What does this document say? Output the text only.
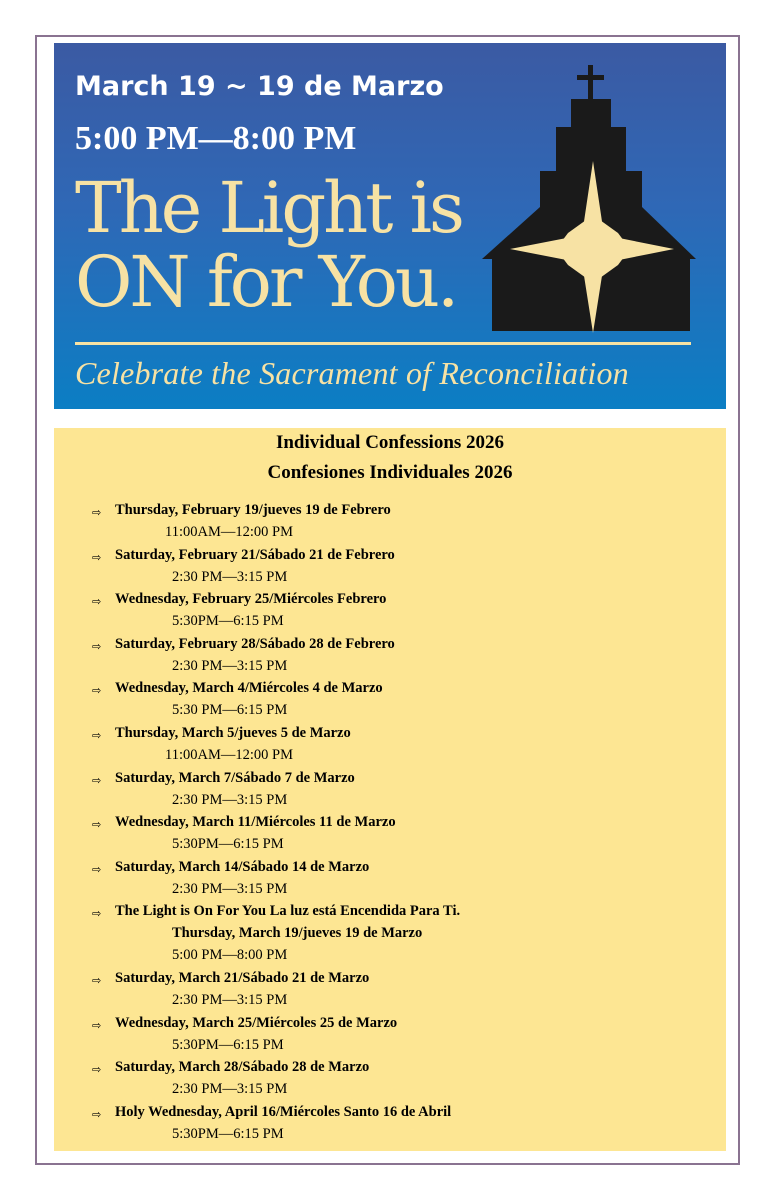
March 19 ~ 19 de Marzo
5:00 PM—8:00 PM
The Light is
ON for You.
Celebrate the Sacrament of Reconciliation
Individual Confessions 2026
Confesiones Individuales 2026
⇨ Thursday, February 19/jueves 19 de Febrero
11:00AM—12:00 PM
⇨ Saturday, February 21/Sábado 21 de Febrero
2:30 PM—3:15 PM
⇨ Wednesday, February 25/Miércoles Febrero
5:30PM—6:15 PM
⇨ Saturday, February 28/Sábado 28 de Febrero
2:30 PM—3:15 PM
⇨ Wednesday, March 4/Miércoles 4 de Marzo
5:30 PM—6:15 PM
⇨ Thursday, March 5/jueves 5 de Marzo
11:00AM—12:00 PM
⇨ Saturday, March 7/Sábado 7 de Marzo
2:30 PM—3:15 PM
⇨ Wednesday, March 11/Miércoles 11 de Marzo
5:30PM—6:15 PM
⇨ Saturday, March 14/Sábado 14 de Marzo
2:30 PM—3:15 PM
⇨ The Light is On For You La luz está Encendida Para Ti.
Thursday, March 19/jueves 19 de Marzo
5:00 PM—8:00 PM
⇨ Saturday, March 21/Sábado 21 de Marzo
2:30 PM—3:15 PM
⇨ Wednesday, March 25/Miércoles 25 de Marzo
5:30PM—6:15 PM
⇨ Saturday, March 28/Sábado 28 de Marzo
2:30 PM—3:15 PM
⇨ Holy Wednesday, April 16/Miércoles Santo 16 de Abril
5:30PM—6:15 PM
